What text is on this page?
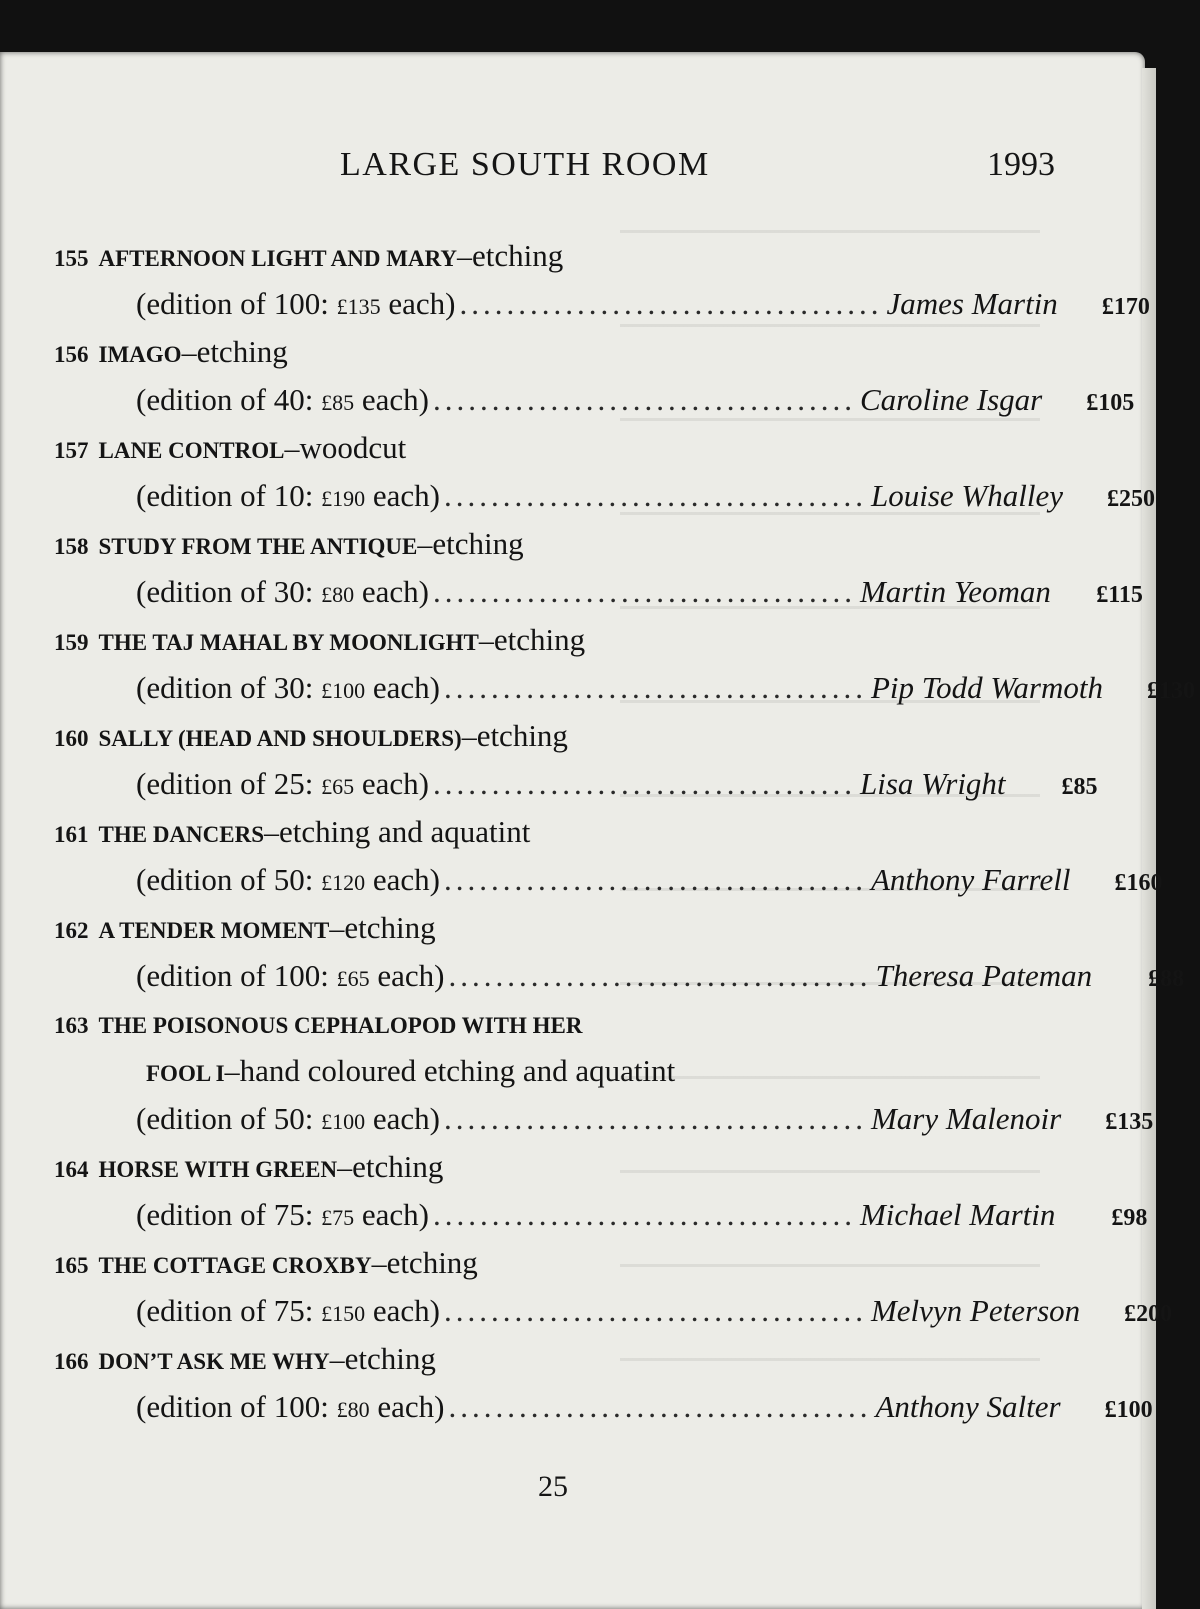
LARGE SOUTH ROOM	1993
155 AFTERNOON LIGHT AND MARY–etching
(edition of 100: £135 each) .................................... James Martin	£170
156 IMAGO–etching
(edition of 40: £85 each) .................................... Caroline Isgar	£105
157 LANE CONTROL–woodcut
(edition of 10: £190 each) .................................... Louise Whalley	£250
158 STUDY FROM THE ANTIQUE–etching
(edition of 30: £80 each) .................................... Martin Yeoman	£115
159 THE TAJ MAHAL BY MOONLIGHT–etching
(edition of 30: £100 each) .................................... Pip Todd Warmoth	£130
160 SALLY (HEAD AND SHOULDERS)–etching
(edition of 25: £65 each) .................................... Lisa Wright	£85
161 THE DANCERS–etching and aquatint
(edition of 50: £120 each) .................................... Anthony Farrell	£160
162 A TENDER MOMENT–etching
(edition of 100: £65 each) .................................... Theresa Pateman	£88
163 THE POISONOUS CEPHALOPOD WITH HER
FOOL I–hand coloured etching and aquatint
(edition of 50: £100 each) .................................... Mary Malenoir	£135
164 HORSE WITH GREEN–etching
(edition of 75: £75 each) .................................... Michael Martin	£98
165 THE COTTAGE CROXBY–etching
(edition of 75: £150 each) .................................... Melvyn Peterson	£200
166 DON’T ASK ME WHY–etching
(edition of 100: £80 each) .................................... Anthony Salter	£100
25
